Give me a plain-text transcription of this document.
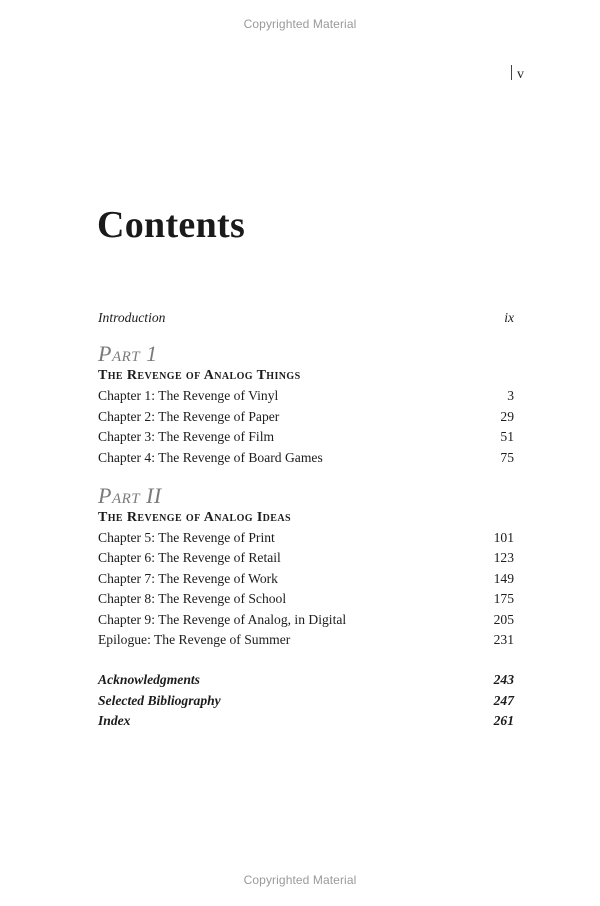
Copyrighted Material
v
Contents
Introduction	ix
Part 1
The Revenge of Analog Things
Chapter 1: The Revenge of Vinyl	3
Chapter 2: The Revenge of Paper	29
Chapter 3: The Revenge of Film	51
Chapter 4: The Revenge of Board Games	75
Part II
The Revenge of Analog Ideas
Chapter 5: The Revenge of Print	101
Chapter 6: The Revenge of Retail	123
Chapter 7: The Revenge of Work	149
Chapter 8: The Revenge of School	175
Chapter 9: The Revenge of Analog, in Digital	205
Epilogue: The Revenge of Summer	231
Acknowledgments	243
Selected Bibliography	247
Index	261
Copyrighted Material
